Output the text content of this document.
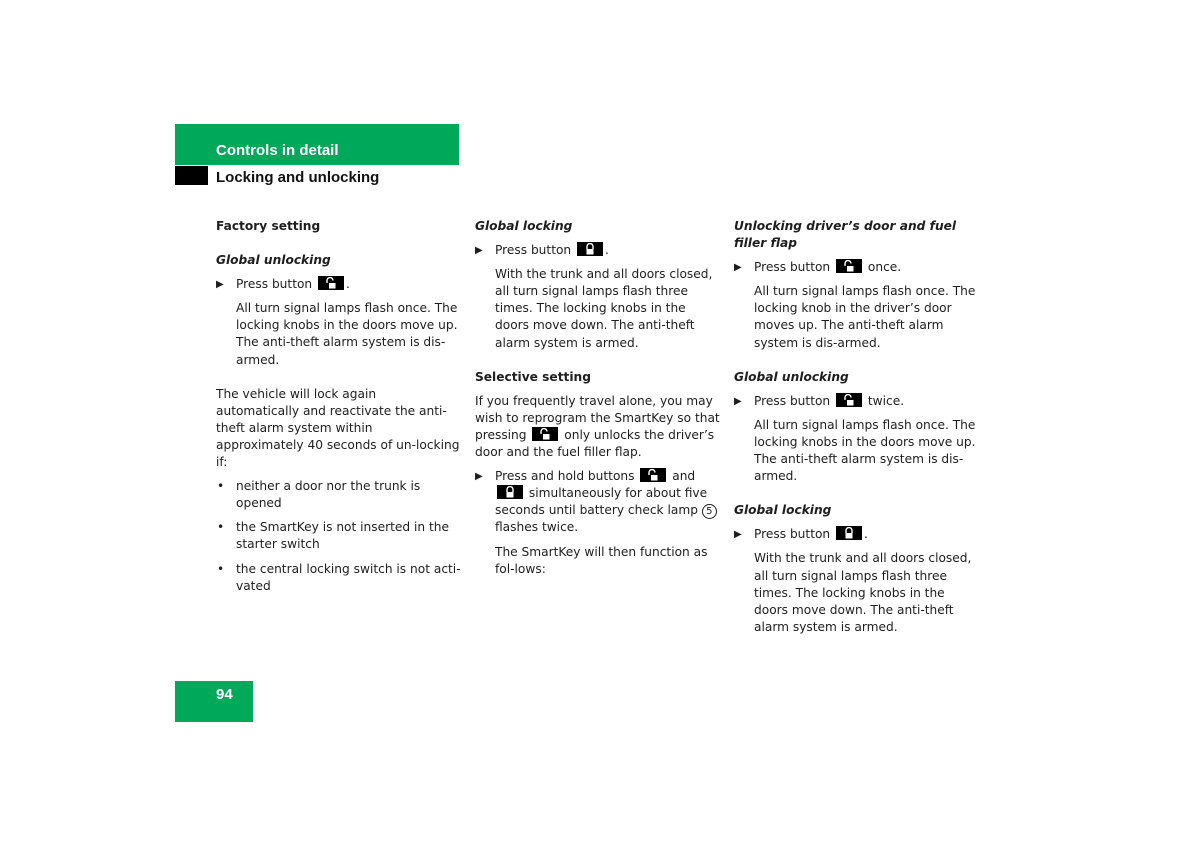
Controls in detail
Locking and unlocking
Factory setting
Global unlocking
▶ Press button	.
All turn signal lamps flash once. The locking knobs in the doors move up. The anti-theft alarm system is dis-armed.

The vehicle will lock again automatically and reactivate the anti-theft alarm system within approximately 40 seconds of un-locking if:

• neither a door nor the trunk is opened
• the SmartKey is not inserted in the starter switch
• the central locking switch is not acti-vated
Global locking
▶ Press button	.
With the trunk and all doors closed, all turn signal lamps flash three times. The locking knobs in the doors move down. The anti-theft alarm system is armed.
Selective setting

If you frequently travel alone, you may wish to reprogram the SmartKey so that pressing	only unlocks the driver’s door and the fuel filler flap.

▶ Press and hold buttons	and
simultaneously for about five seconds until battery check lamp 5 flashes twice.
The SmartKey will then function as fol-lows:
Unlocking driver’s door and fuel filler flap
▶ Press button	once.
All turn signal lamps flash once. The locking knob in the driver’s door moves up. The anti-theft alarm system is dis-armed.
Global unlocking
▶ Press button	twice.
All turn signal lamps flash once. The locking knobs in the doors move up. The anti-theft alarm system is dis-armed.
Global locking
▶ Press button	.
With the trunk and all doors closed, all turn signal lamps flash three times. The locking knobs in the doors move down. The anti-theft alarm system is armed.
94
